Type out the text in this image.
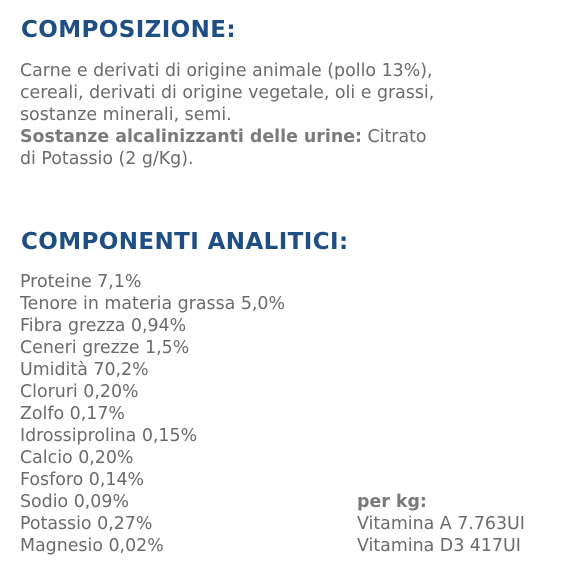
COMPOSIZIONE:
Carne e derivati di origine animale (pollo 13%),
cereali, derivati di origine vegetale, oli e grassi,
sostanze minerali, semi.
Sostanze alcalinizzanti delle urine: Citrato
di Potassio (2 g/Kg).
COMPONENTI ANALITICI:
Proteine 7,1%
Tenore in materia grassa 5,0%
Fibra grezza 0,94%
Ceneri grezze 1,5%
Umidità 70,2%
Cloruri 0,20%
Zolfo 0,17%
Idrossiprolina 0,15%
Calcio 0,20%
Fosforo 0,14%
Sodio 0,09%
Potassio 0,27%
Magnesio 0,02%
per kg:
Vitamina A 7.763UI
Vitamina D3 417UI
